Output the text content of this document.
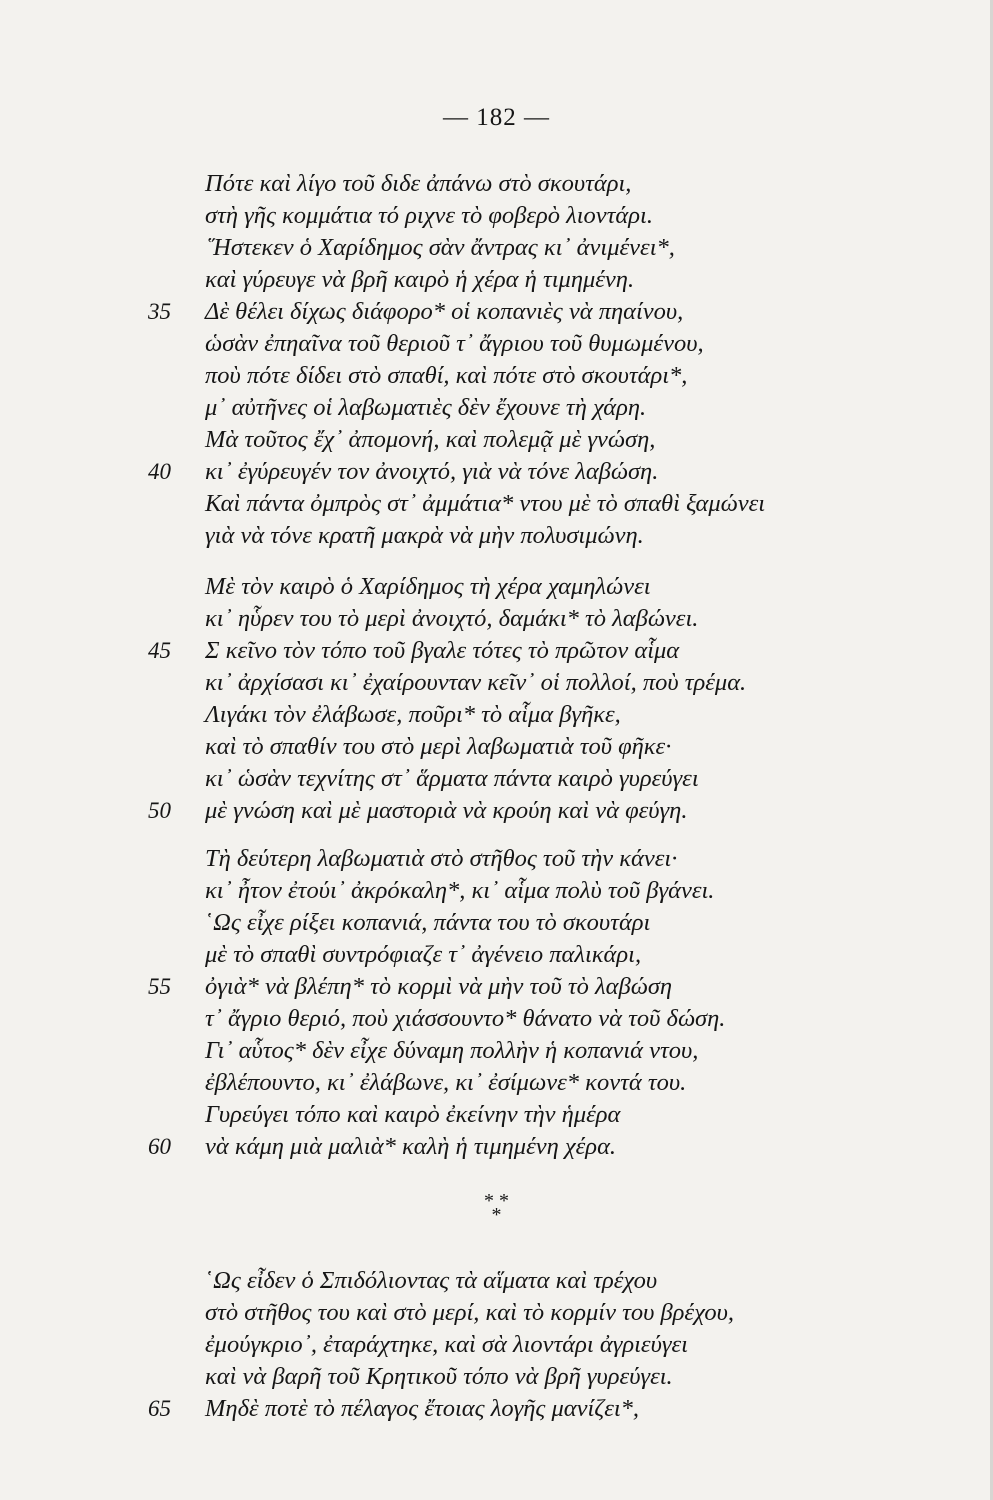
— 182 —
Πότε καὶ λίγο τοῦ διδε ἀπάνω στὸ σκουτάρι,
στὴ γῆς κομμάτια τό ριχνε τὸ φοβερὸ λιοντάρι.
῞Ηστεκεν ὁ Χαρίδημος σὰν ἄντρας κι᾽ ἀνιμένει*,
καὶ γύρευγε νὰ βρῆ καιρὸ ἡ χέρα ἡ τιμημένη.
Δὲ θέλει δίχως διάφορο* οἱ κοπανιὲς νὰ πηαίνου,
ὡσὰν ἐπηαῖνα τοῦ θεριοῦ τ᾽ ἄγριου τοῦ θυμωμένου,
ποὺ πότε δίδει στὸ σπαθί, καὶ πότε στὸ σκουτάρι*,
μ᾽ αὐτῆνες οἱ λαβωματιὲς δὲν ἔχουνε τὴ χάρη.
Μὰ τοῦτος ἔχ᾽ ἀπομονή, καὶ πολεμᾷ μὲ γνώση,
κι᾽ ἐγύρευγέν τον ἀνοιχτό, γιὰ νὰ τόνε λαβώση.
Καὶ πάντα ὀμπρὸς στ᾽ ἀμμάτια* ντου μὲ τὸ σπαθὶ ξαμώνει
γιὰ νὰ τόνε κρατῆ μακρὰ νὰ μὴν πολυσιμώνη.
Μὲ τὸν καιρὸ ὁ Χαρίδημος τὴ χέρα χαμηλώνει
κι᾽ ηὗρεν του τὸ μερὶ ἀνοιχτό, δαμάκι* τὸ λαβώνει.
Σ κεῖνο τὸν τόπο τοῦ βγαλε τότες τὸ πρῶτον αἷμα
κι᾽ ἀρχίσασι κι᾽ ἐχαίρουνταν κεῖν᾽ οἱ πολλοί, ποὺ τρέμα.
Λιγάκι τὸν ἐλάβωσε, ποῦρι* τὸ αἷμα βγῆκε,
καὶ τὸ σπαθίν του στὸ μερὶ λαβωματιὰ τοῦ φῆκε·
κι᾽ ὡσὰν τεχνίτης στ᾽ ἅρματα πάντα καιρὸ γυρεύγει
μὲ γνώση καὶ μὲ μαστοριὰ νὰ κρούη καὶ νὰ φεύγη.
Τὴ δεύτερη λαβωματιὰ στὸ στῆθος τοῦ τὴν κάνει·
κι᾽ ἦτον ἐτούι᾽ ἀκρόκαλη*, κι᾽ αἷμα πολὺ τοῦ βγάνει.
῾Ως εἶχε ρίξει κοπανιά, πάντα του τὸ σκουτάρι
μὲ τὸ σπαθὶ συντρόφιαζε τ᾽ ἀγένειο παλικάρι,
ὀγιὰ* νὰ βλέπη* τὸ κορμὶ νὰ μὴν τοῦ τὸ λαβώση
τ᾽ ἄγριο θεριό, ποὺ χιάσσουντο* θάνατο νὰ τοῦ δώση.
Γι᾽ αὗτος* δὲν εἶχε δύναμη πολλὴν ἡ κοπανιά ντου,
ἐβλέπουντο, κι᾽ ἐλάβωνε, κι᾽ ἐσίμωνε* κοντά του.
Γυρεύγει τόπο καὶ καιρὸ ἐκείνην τὴν ἡμέρα
νὰ κάμη μιὰ μαλιὰ* καλὴ ἡ τιμημένη χέρα.
* *
*
῾Ως εἶδεν ὁ Σπιδόλιοντας τὰ αἵματα καὶ τρέχου
στὸ στῆθος του καὶ στὸ μερί, καὶ τὸ κορμίν του βρέχου,
ἐμούγκριο᾽, ἐταράχτηκε, καὶ σὰ λιοντάρι ἀγριεύγει
καὶ νὰ βαρῆ τοῦ Κρητικοῦ τόπο νὰ βρῆ γυρεύγει.
Μηδὲ ποτὲ τὸ πέλαγος ἔτοιας λογῆς μανίζει*,
35
40
45
50
55
60
65
